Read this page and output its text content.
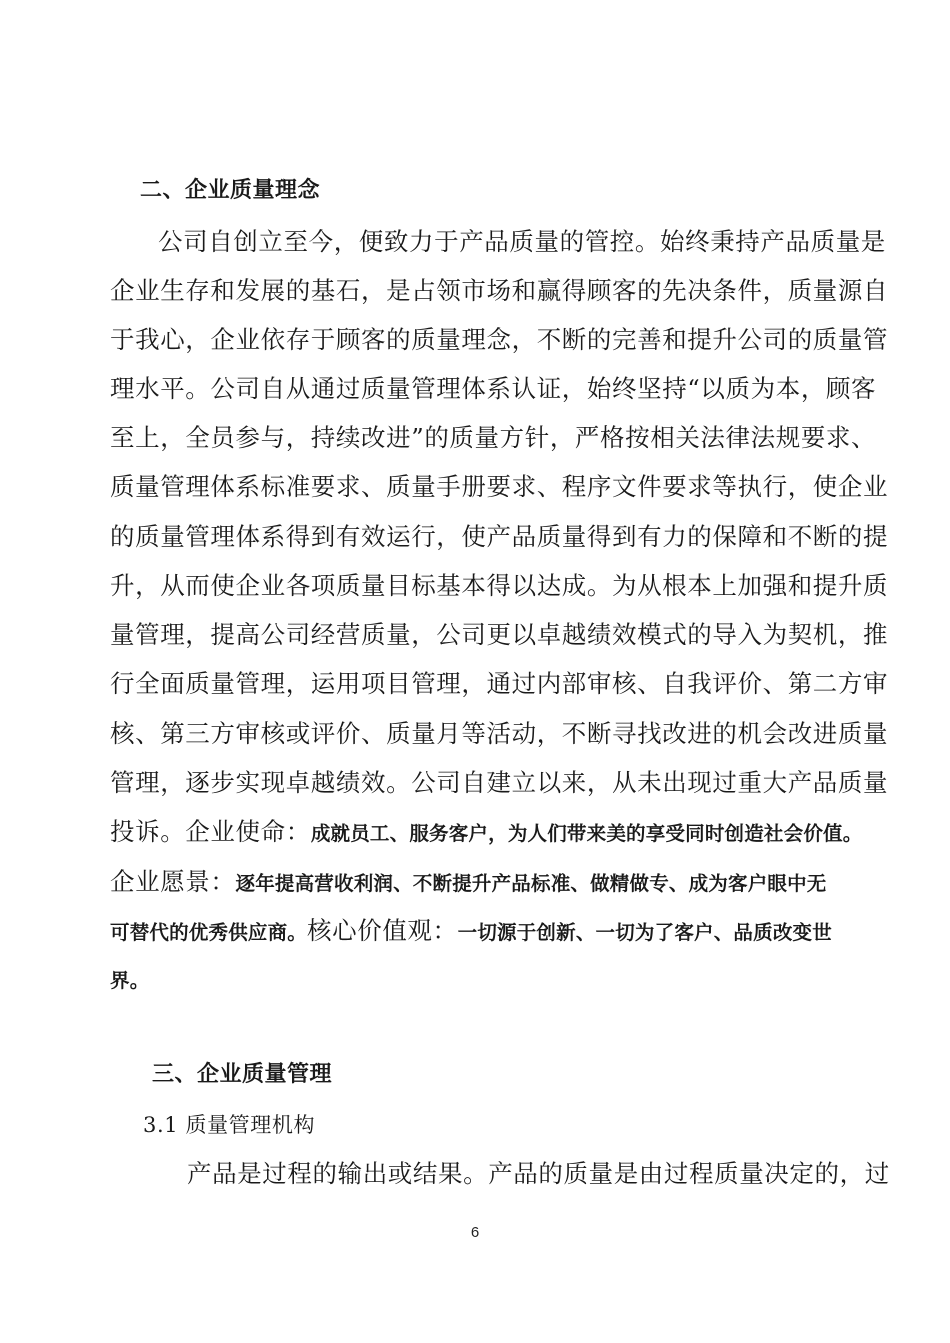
二、企业质量理念
公司自创立至今，便致力于产品质量的管控。始终秉持产品质量是
企业生存和发展的基石，是占领市场和赢得顾客的先决条件，质量源自
于我心，企业依存于顾客的质量理念，不断的完善和提升公司的质量管
理水平。公司自从通过质量管理体系认证，始终坚持“以质为本，顾客
至上，全员参与，持续改进”的质量方针，严格按相关法律法规要求、
质量管理体系标准要求、质量手册要求、程序文件要求等执行，使企业
的质量管理体系得到有效运行，使产品质量得到有力的保障和不断的提
升，从而使企业各项质量目标基本得以达成。为从根本上加强和提升质
量管理，提高公司经营质量，公司更以卓越绩效模式的导入为契机，推
行全面质量管理，运用项目管理，通过内部审核、自我评价、第二方审
核、第三方审核或评价、质量月等活动，不断寻找改进的机会改进质量
管理，逐步实现卓越绩效。公司自建立以来，从未出现过重大产品质量
投诉。企业使命：成就员工、服务客户，为人们带来美的享受同时创造社会价值。
企业愿景：逐年提高营收利润、不断提升产品标准、做精做专、成为客户眼中无
可替代的优秀供应商。核心价值观：一切源于创新、一切为了客户、品质改变世
界。
三、企业质量管理
3.1 质量管理机构
产品是过程的输出或结果。产品的质量是由过程质量决定的，过
6
